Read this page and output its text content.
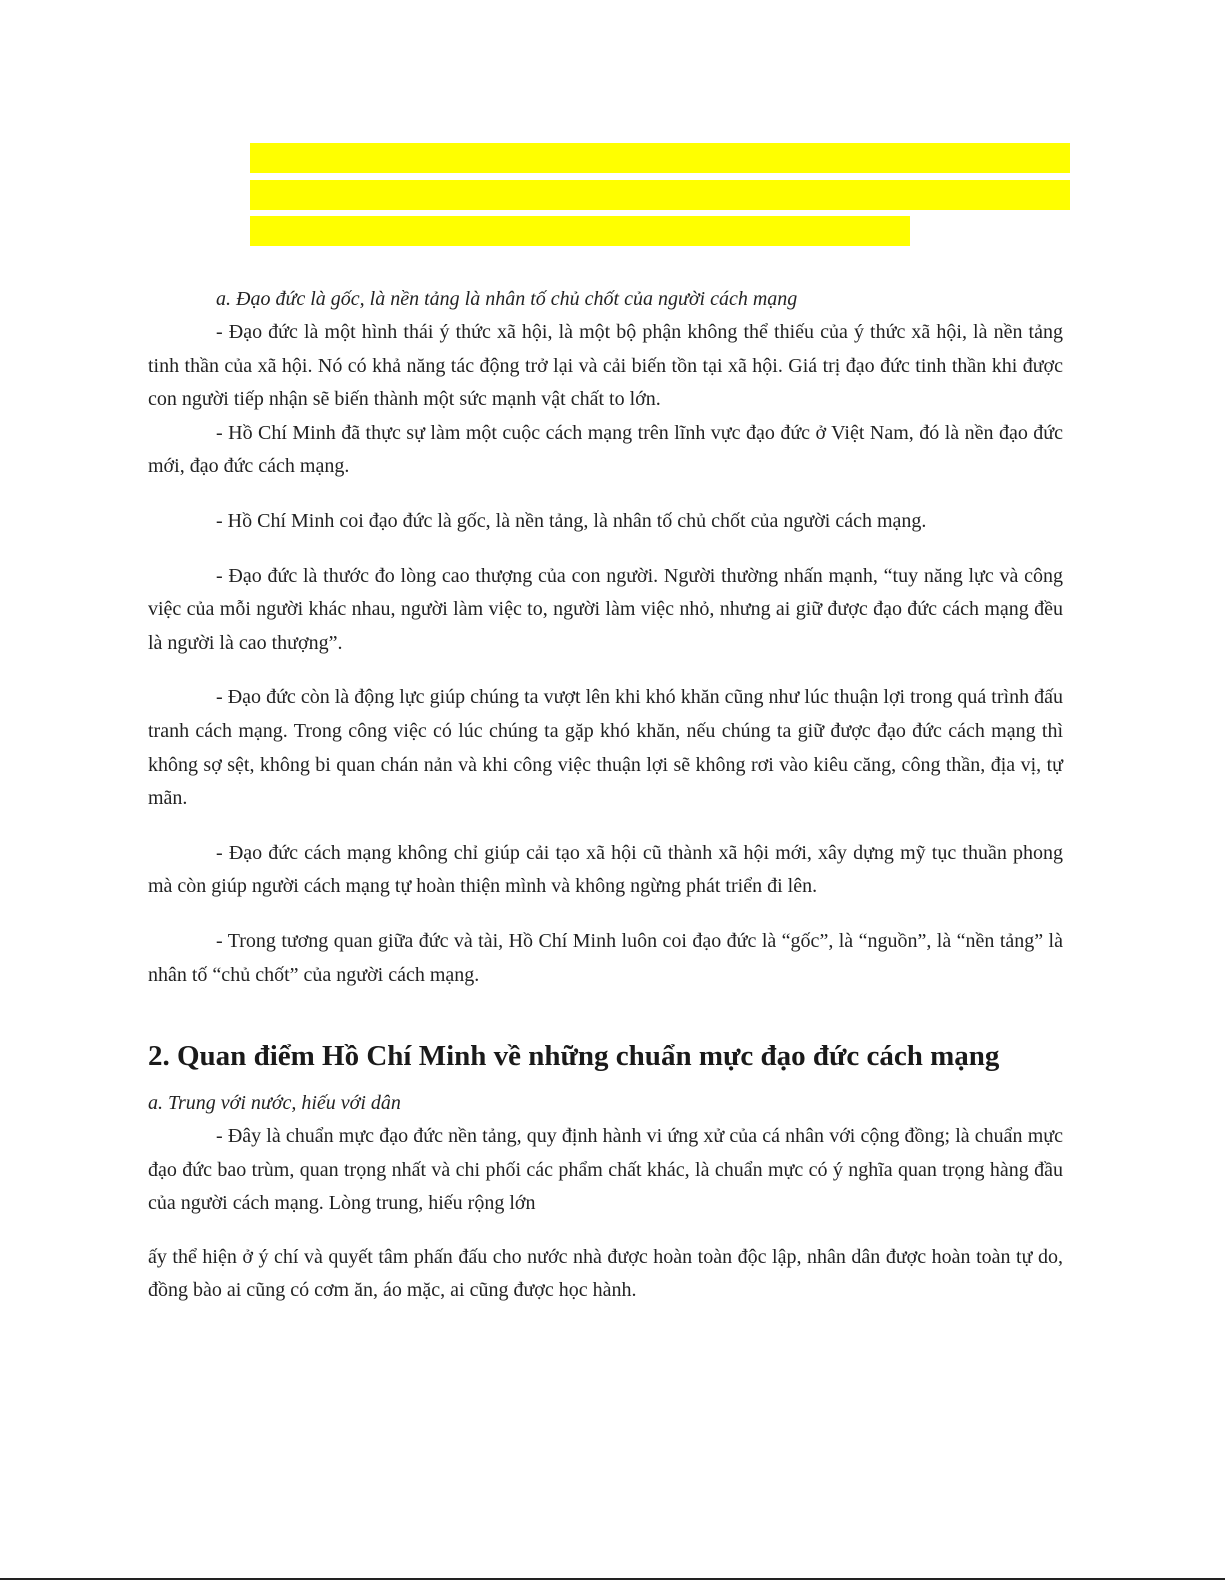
a. Đạo đức là gốc, là nền tảng là nhân tố chủ chốt của người cách mạng

- Đạo đức là một hình thái ý thức xã hội, là một bộ phận không thể thiếu của ý thức xã hội, là nền tảng tinh thần của xã hội. Nó có khả năng tác động trở lại và cải biến tồn tại xã hội. Giá trị đạo đức tinh thần khi được con người tiếp nhận sẽ biến thành một sức mạnh vật chất to lớn.

- Hồ Chí Minh đã thực sự làm một cuộc cách mạng trên lĩnh vực đạo đức ở Việt Nam, đó là nền đạo đức mới, đạo đức cách mạng.

- Hồ Chí Minh coi đạo đức là gốc, là nền tảng, là nhân tố chủ chốt của người cách mạng.

- Đạo đức là thước đo lòng cao thượng của con người. Người thường nhấn mạnh, “tuy năng lực và công việc của mỗi người khác nhau, người làm việc to, người làm việc nhỏ, nhưng ai giữ được đạo đức cách mạng đều là người là cao thượng”.

- Đạo đức còn là động lực giúp chúng ta vượt lên khi khó khăn cũng như lúc thuận lợi trong quá trình đấu tranh cách mạng. Trong công việc có lúc chúng ta gặp khó khăn, nếu chúng ta giữ được đạo đức cách mạng thì không sợ sệt, không bi quan chán nản và khi công việc thuận lợi sẽ không rơi vào kiêu căng, công thần, địa vị, tự mãn.

- Đạo đức cách mạng không chỉ giúp cải tạo xã hội cũ thành xã hội mới, xây dựng mỹ tục thuần phong mà còn giúp người cách mạng tự hoàn thiện mình và không ngừng phát triển đi lên.

- Trong tương quan giữa đức và tài, Hồ Chí Minh luôn coi đạo đức là “gốc”, là “nguồn”, là “nền tảng” là nhân tố “chủ chốt” của người cách mạng.

2. Quan điểm Hồ Chí Minh về những chuẩn mực đạo đức cách mạng

a. Trung với nước, hiếu với dân

- Đây là chuẩn mực đạo đức nền tảng, quy định hành vi ứng xử của cá nhân với cộng đồng; là chuẩn mực đạo đức bao trùm, quan trọng nhất và chi phối các phẩm chất khác, là chuẩn mực có ý nghĩa quan trọng hàng đầu của người cách mạng. Lòng trung, hiếu rộng lớn

ấy thể hiện ở ý chí và quyết tâm phấn đấu cho nước nhà được hoàn toàn độc lập, nhân dân được hoàn toàn tự do, đồng bào ai cũng có cơm ăn, áo mặc, ai cũng được học hành.
